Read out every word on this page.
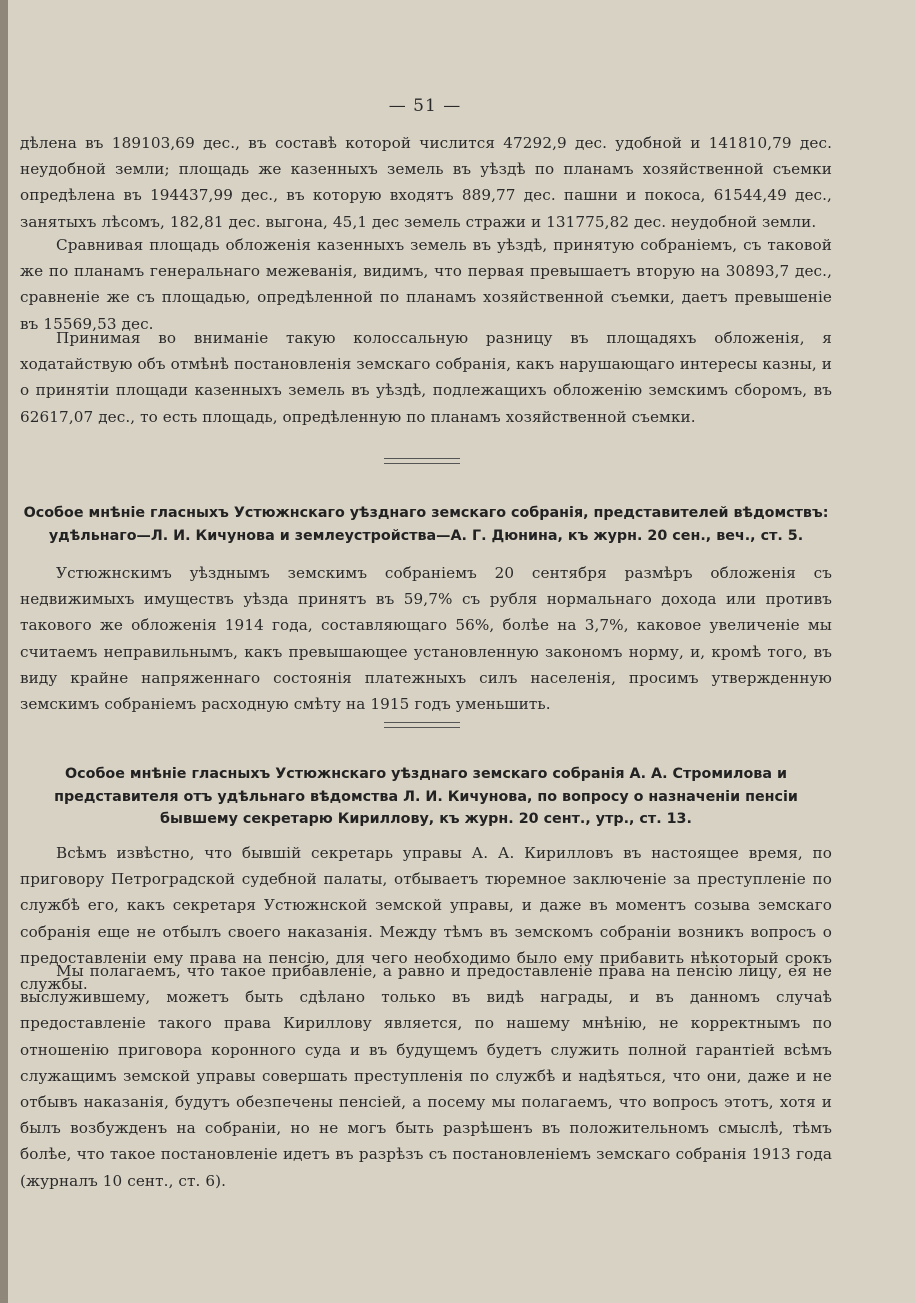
— 51 —

дѣлена въ 189103,69 дес., въ составѣ которой числится 47292,9 дес. удобной и 141810,79 дес. неудобной земли; площадь же казенныхъ земель въ уѣздѣ по планамъ хозяйственной съемки опредѣлена въ 194437,99 дес., въ которую входятъ 889,77 дес. пашни и покоса, 61544,49 дес., занятыхъ лѣсомъ, 182,81 дес. выгона, 45,1 дес земель стражи и 131775,82 дес. неудобной земли.

Сравнивая площадь обложенія казенныхъ земель въ уѣздѣ, принятую собраніемъ, съ таковой же по планамъ генеральнаго межеванія, видимъ, что первая превышаетъ вторую на 30893,7 дес., сравненіе же съ площадью, опредѣленной по планамъ хозяйственной съемки, даетъ превышеніе въ 15569,53 дес.

Принимая во вниманіе такую колоссальную разницу въ площадяхъ обложенія, я ходатайствую объ отмѣнѣ постановленія земскаго собранія, какъ нарушающаго интересы казны, и о принятіи площади казенныхъ земель въ уѣздѣ, подлежащихъ обложенію земскимъ сборомъ, въ 62617,07 дес., то есть площадь, опредѣленную по планамъ хозяйственной съемки.

Особое мнѣніе гласныхъ Устюжнскаго уѣзднаго земскаго собранія, представителей вѣдомствъ: удѣльнаго—Л. И. Кичунова и землеустройства—А. Г. Дюнина, къ журн. 20 сен., веч., ст. 5.

Устюжнскимъ уѣзднымъ земскимъ собраніемъ 20 сентября размѣръ обложенія съ недвижимыхъ имуществъ уѣзда принятъ въ 59,7% съ рубля нормальнаго дохода или противъ такового же обложенія 1914 года, составляющаго 56%, болѣе на 3,7%, каковое увеличеніе мы считаемъ неправильнымъ, какъ превышающее установленную закономъ норму, и, кромѣ того, въ виду крайне напряженнаго состоянія платежныхъ силъ населенія, просимъ утвержденную земскимъ собраніемъ расходную смѣту на 1915 годъ уменьшить.

Особое мнѣніе гласныхъ Устюжнскаго уѣзднаго земскаго собранія А. А. Стромилова и представителя отъ удѣльнаго вѣдомства Л. И. Кичунова, по вопросу о назначеніи пенсіи бывшему секретарю Кириллову, къ журн. 20 сент., утр., ст. 13.

Всѣмъ извѣстно, что бывшій секретарь управы А. А. Кирилловъ въ настоящее время, по приговору Петроградской судебной палаты, отбываетъ тюремное заключеніе за преступленіе по службѣ его, какъ секретаря Устюжнской земской управы, и даже въ моментъ созыва земскаго собранія еще не отбылъ своего наказанія. Между тѣмъ въ земскомъ собраніи возникъ вопросъ о предоставленіи ему права на пенсію, для чего необходимо было ему прибавить нѣкоторый срокъ службы.

Мы полагаемъ, что такое прибавленіе, а равно и предоставленіе права на пенсію лицу, ея не выслужившему, можетъ быть сдѣлано только въ видѣ награды, и въ данномъ случаѣ предоставленіе такого права Кириллову является, по нашему мнѣнію, не корректнымъ по отношенію приговора коронного суда и въ будущемъ будетъ служить полной гарантіей всѣмъ служащимъ земской управы совершать преступленія по службѣ и надѣяться, что они, даже и не отбывъ наказанія, будутъ обезпечены пенсіей, а посему мы полагаемъ, что вопросъ этотъ, хотя и былъ возбужденъ на собраніи, но не могъ быть разрѣшенъ въ положительномъ смыслѣ, тѣмъ болѣе, что такое постановленіе идетъ въ разрѣзъ съ постановленіемъ земскаго собранія 1913 года (журналъ 10 сент., ст. 6).
